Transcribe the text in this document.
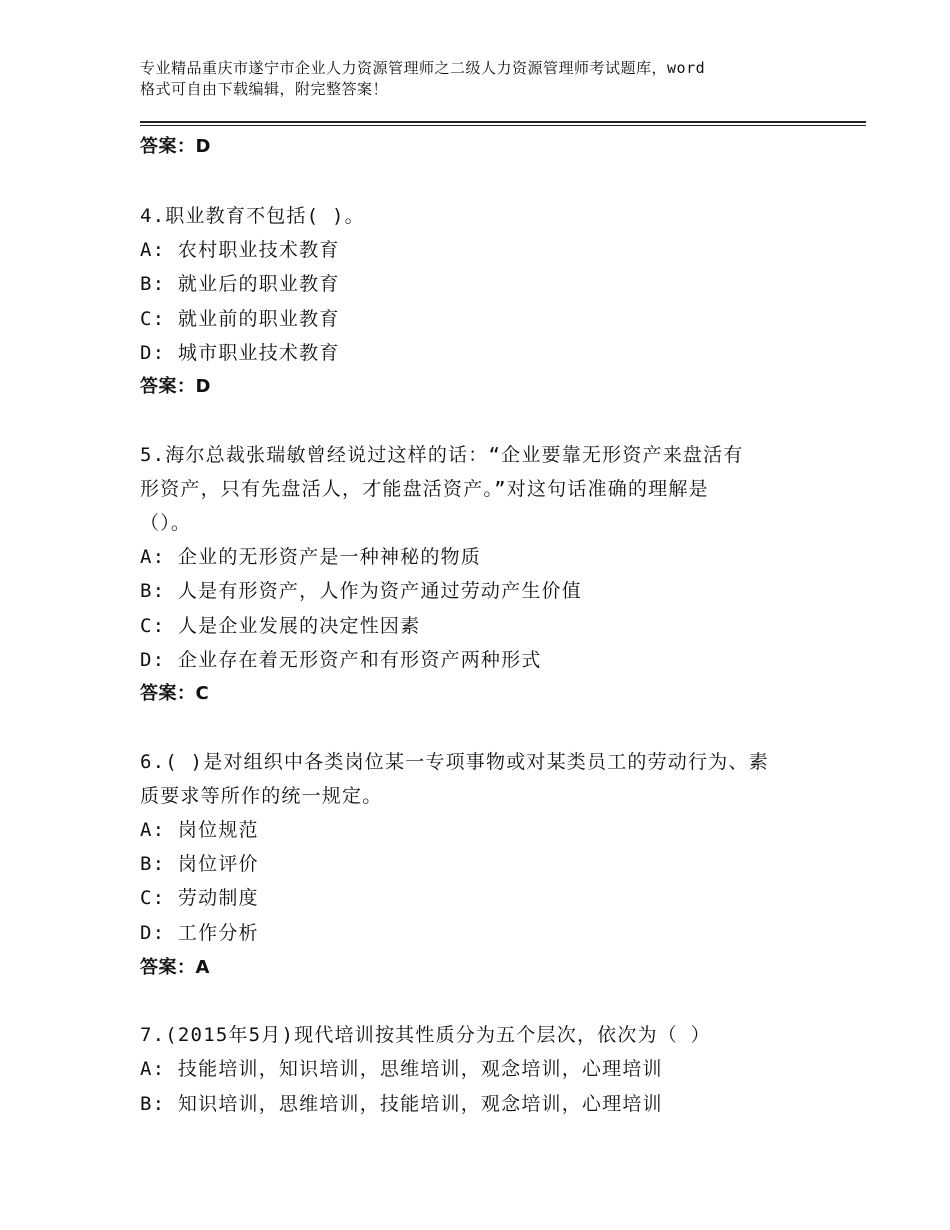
专业精品重庆市遂宁市企业人力资源管理师之二级人力资源管理师考试题库，word
格式可自由下载编辑，附完整答案！
答案：D
4.职业教育不包括( )。
A: 农村职业技术教育
B: 就业后的职业教育
C: 就业前的职业教育
D: 城市职业技术教育
答案：D
5.海尔总裁张瑞敏曾经说过这样的话：“企业要靠无形资产来盘活有
形资产，只有先盘活人，才能盘活资产。”对这句话准确的理解是
（）。
A: 企业的无形资产是一种神秘的物质
B: 人是有形资产，人作为资产通过劳动产生价值
C: 人是企业发展的决定性因素
D: 企业存在着无形资产和有形资产两种形式
答案：C
6.( )是对组织中各类岗位某一专项事物或对某类员工的劳动行为、素
质要求等所作的统一规定。
A: 岗位规范
B: 岗位评价
C: 劳动制度
D: 工作分析
答案：A
7.(2015年5月)现代培训按其性质分为五个层次，依次为（ ）
A: 技能培训，知识培训，思维培训，观念培训，心理培训
B: 知识培训，思维培训，技能培训，观念培训，心理培训
